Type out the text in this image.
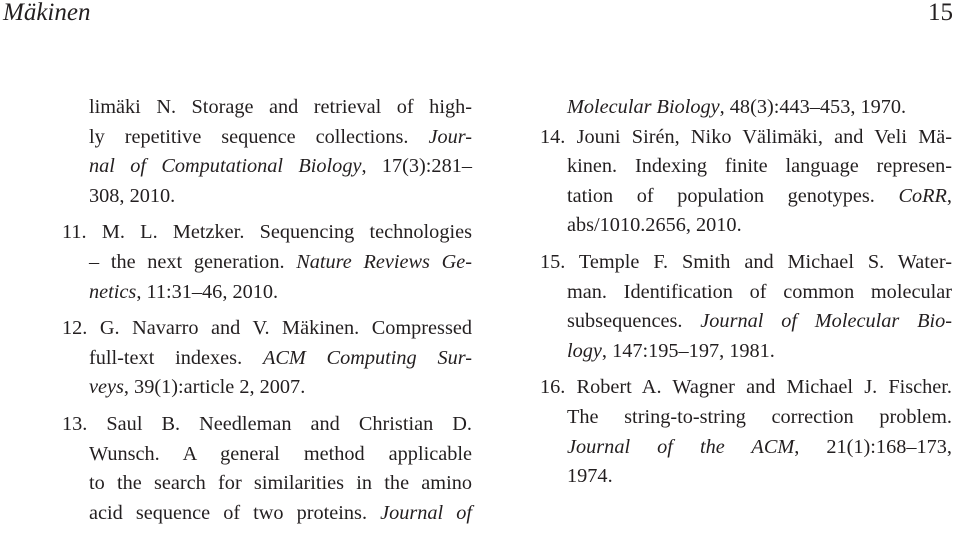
Mäkinen	15
limäki N. Storage and retrieval of high-
ly repetitive sequence collections. Jour-
nal of Computational Biology, 17(3):281–
308, 2010.
11. M. L. Metzker. Sequencing technologies
– the next generation. Nature Reviews Ge-
netics, 11:31–46, 2010.
12. G. Navarro and V. Mäkinen. Compressed
full-text indexes. ACM Computing Sur-
veys, 39(1):article 2, 2007.
13. Saul B. Needleman and Christian D.
Wunsch. A general method applicable
to the search for similarities in the amino
acid sequence of two proteins. Journal of
Molecular Biology, 48(3):443–453, 1970.
14. Jouni Sirén, Niko Välimäki, and Veli Mä-
kinen. Indexing finite language represen-
tation of population genotypes. CoRR,
abs/1010.2656, 2010.
15. Temple F. Smith and Michael S. Water-
man. Identification of common molecular
subsequences. Journal of Molecular Bio-
logy, 147:195–197, 1981.
16. Robert A. Wagner and Michael J. Fischer.
The string-to-string correction problem.
Journal of the ACM, 21(1):168–173,
1974.
